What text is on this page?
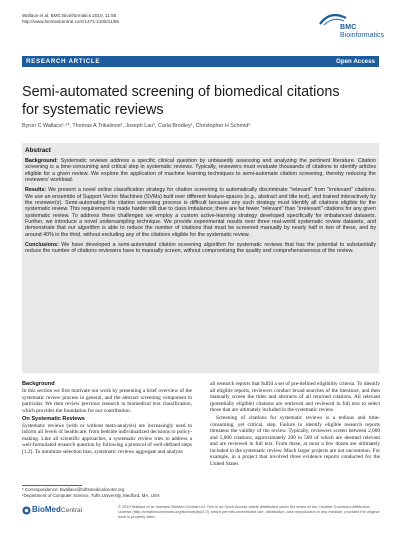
Wallace et al. BMC Bioinformatics 2010, 11:55
http://www.biomedcentral.com/1471-2105/11/55
BMC
Bioinformatics
RESEARCH ARTICLE	Open Access
Semi-automated screening of biomedical citations for systematic reviews
Byron C Wallace¹·²*, Thomas A Trikalinos², Joseph Lau², Carla Brodley¹, Christopher H Schmid²
Abstract

Background: Systematic reviews address a specific clinical question by unbiasedly assessing and analyzing the pertinent literature. Citation screening is a time-consuming and critical step in systematic reviews. Typically, reviewers must evaluate thousands of citations to identify articles eligible for a given review. We explore the application of machine learning techniques to semi-automate citation screening, thereby reducing the reviewers' workload.

Results: We present a novel online classification strategy for citation screening to automatically discriminate "relevant" from "irrelevant" citations. We use an ensemble of Support Vector Machines (SVMs) built over different feature-spaces (e.g., abstract and title text), and trained interactively by the reviewer(s). Semi-automating the citation screening process is difficult because any such strategy must identify all citations eligible for the systematic review. This requirement is made harder still due to class imbalance; there are far fewer "relevant" than "irrelevant" citations for any given systematic review. To address these challenges we employ a custom active-learning strategy developed specifically for imbalanced datasets. Further, we introduce a novel undersampling technique. We provide experimental results over three real-world systematic review datasets, and demonstrate that our algorithm is able to reduce the number of citations that must be screened manually by nearly half in two of these, and by around 40% in the third, without excluding any of the citations eligible for the systematic review.

Conclusions: We have developed a semi-automated citation screening algorithm for systematic reviews that has the potential to substantially reduce the number of citations reviewers have to manually screen, without compromising the quality and comprehensiveness of the review.

Background

In this section we first motivate our work by presenting a brief overview of the systematic review process in general, and the abstract screening component in particular. We then review previous research in biomedical text classification, which provides the foundation for our contribution.

On Systematic Reviews

Systematic reviews (with or without meta-analysis) are increasingly used to inform all levels of healthcare, from bedside individualized decisions to policy-making. Like all scientific approaches, a systematic review tries to address a well-formulated research question by following a protocol of well-defined steps [1,2]. To minimize selection bias, systematic reviews aggregate and analyze

all research reports that fulfill a set of pre-defined eligibility criteria. To identify all eligible reports, reviewers conduct broad searches of the literature, and then manually screen the titles and abstracts of all returned citations. All relevant (potentially eligible) citations are retrieved and reviewed in full text to select those that are ultimately included in the systematic review.

Screening of citations for systematic reviews is a tedious and time-consuming, yet critical, step. Failure to identify eligible research reports threatens the validity of the review. Typically, reviewers screen between 2,000 and 5,000 citations, approximately 200 to 500 of which are deemed relevant and are reviewed in full text. From these, at most a few dozen are ultimately included in the systematic review. Much larger projects are not uncommon. For example, in a project that involved three evidence reports conducted for the United States

* Correspondence: bwallace@tuftsmedicalcenter.org
¹Department of Computer Science, Tufts University, Medford, MA, USA
BioMedCentral
© 2010 Wallace et al; licensee BioMed Central Ltd. This is an Open Access article distributed under the terms of the Creative Commons Attribution License (http://creativecommons.org/licenses/by/2.0), which permits unrestricted use, distribution, and reproduction in any medium, provided the original work is properly cited.
